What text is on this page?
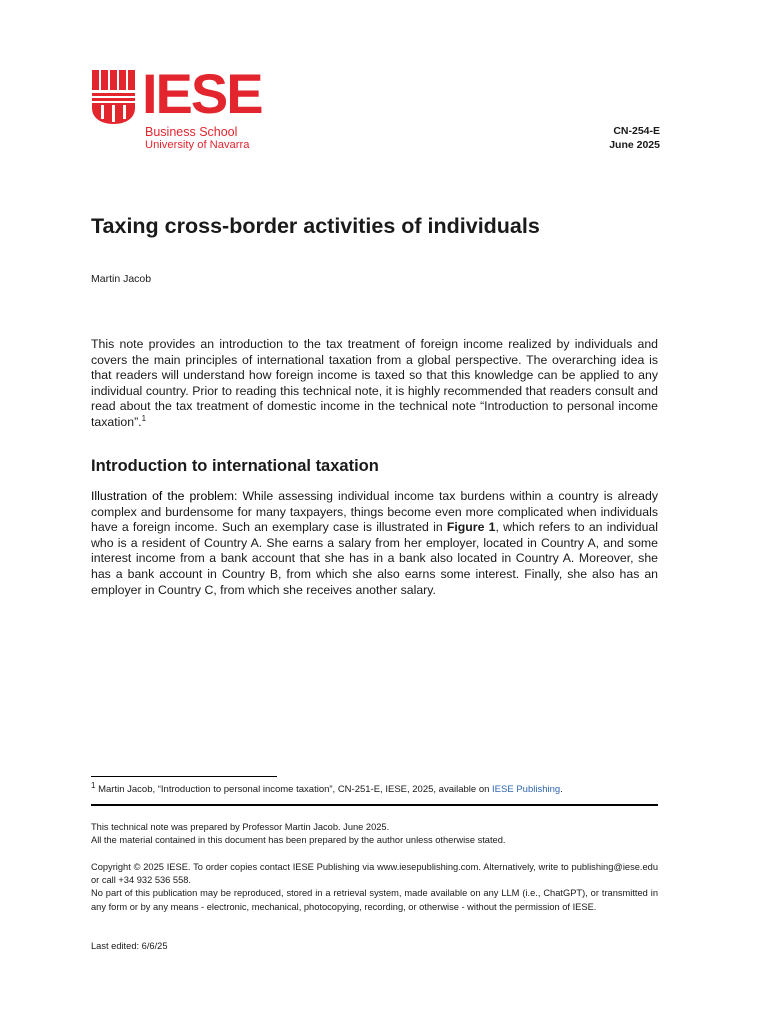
IESE
Business School
University of Navarra
CN-254-E
June 2025
Taxing cross-border activities of individuals
Martin Jacob

This note provides an introduction to the tax treatment of foreign income realized by individuals and covers the main principles of international taxation from a global perspective. The overarching idea is that readers will understand how foreign income is taxed so that this knowledge can be applied to any individual country. Prior to reading this technical note, it is highly recommended that readers consult and read about the tax treatment of domestic income in the technical note “Introduction to personal income taxation”.$^1$

Introduction to international taxation

Illustration of the problem: While assessing individual income tax burdens within a country is already complex and burdensome for many taxpayers, things become even more complicated when individuals have a foreign income. Such an exemplary case is illustrated in Figure 1, which refers to an individual who is a resident of Country A. She earns a salary from her employer, located in Country A, and some interest income from a bank account that she has in a bank also located in Country A. Moreover, she has a bank account in Country B, from which she also earns some interest. Finally, she also has an employer in Country C, from which she receives another salary.

$^1$ Martin Jacob, “Introduction to personal income taxation”, CN-251-E, IESE, 2025, available on IESE Publishing.
This technical note was prepared by Professor Martin Jacob. June 2025.
All the material contained in this document has been prepared by the author unless otherwise stated.
Copyright © 2025 IESE. To order copies contact IESE Publishing via www.iesepublishing.com. Alternatively, write to publishing@iese.edu or call +34 932 536 558.
No part of this publication may be reproduced, stored in a retrieval system, made available on any LLM (i.e., ChatGPT), or transmitted in any form or by any means - electronic, mechanical, photocopying, recording, or otherwise - without the permission of IESE.
Last edited: 6/6/25
